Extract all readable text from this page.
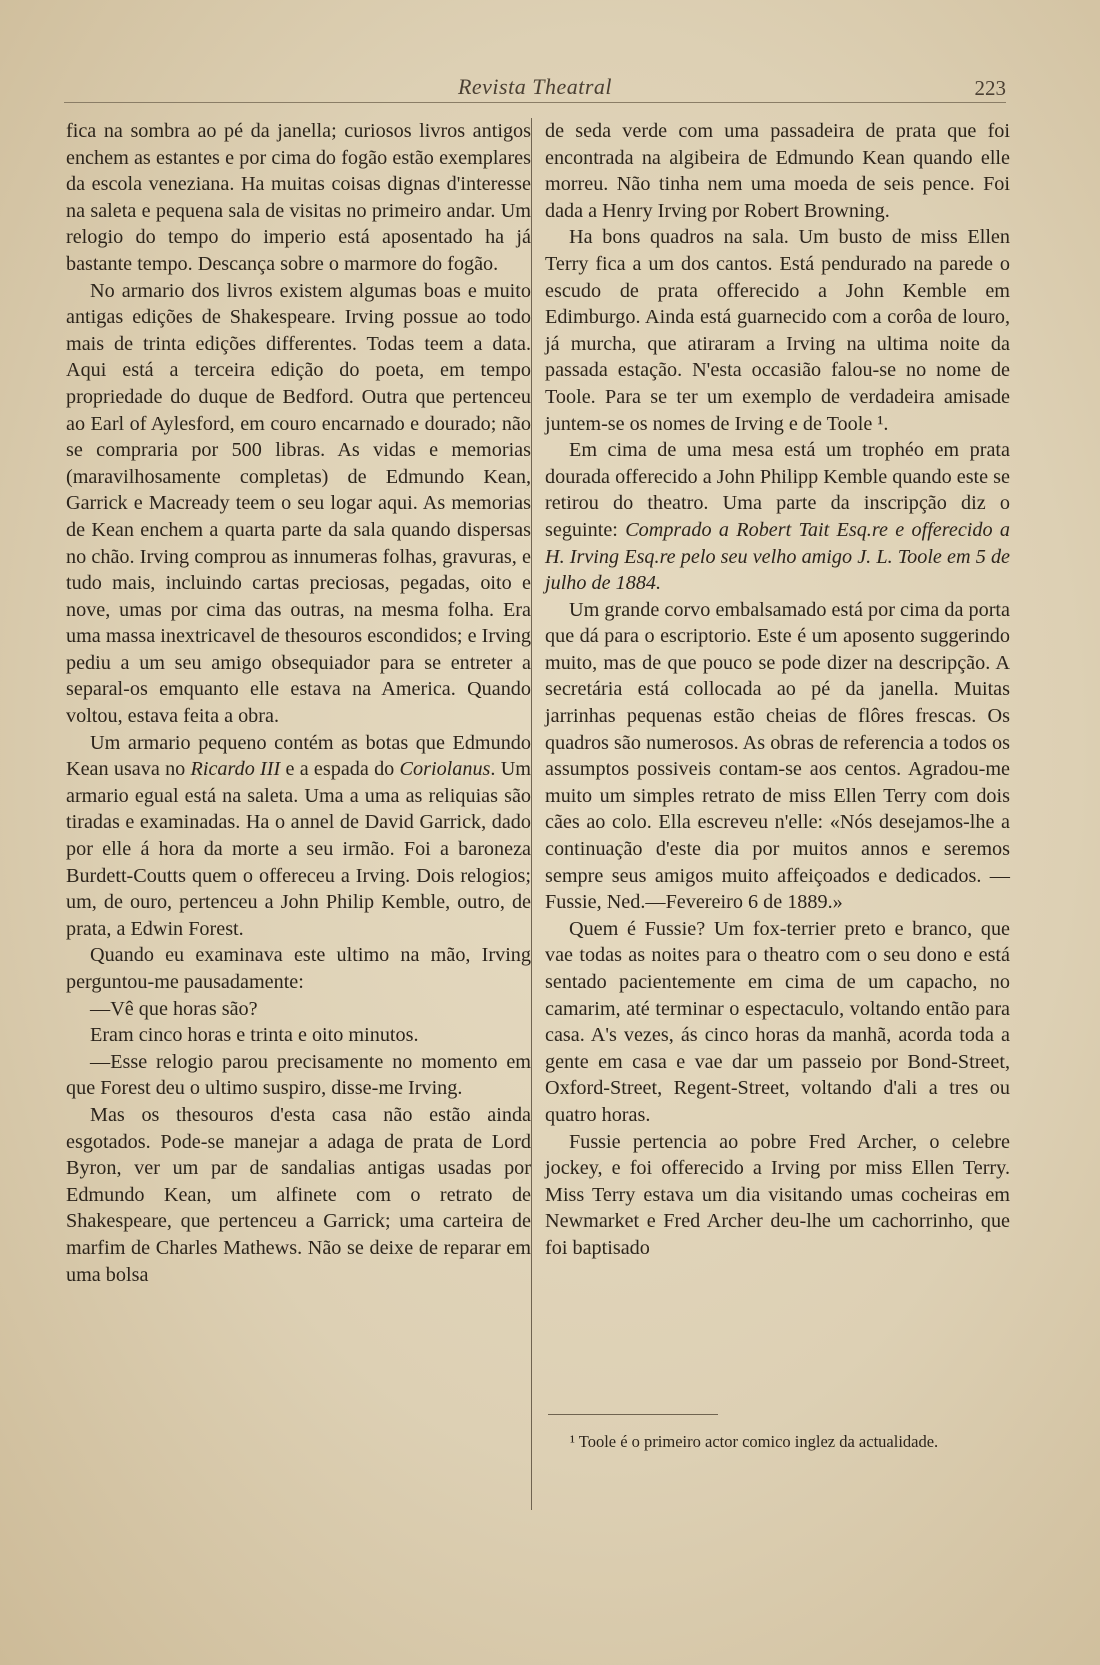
Revista Theatral	223

fica na sombra ao pé da janella; curiosos livros antigos enchem as estantes e por cima do fogão estão exemplares da escola veneziana. Ha muitas coisas dignas d'interesse na saleta e pequena sala de visitas no primeiro andar. Um relogio do tempo do imperio está aposentado ha já bastante tempo. Descança sobre o marmore do fogão.

No armario dos livros existem algumas boas e muito antigas edições de Shakespeare. Irving possue ao todo mais de trinta edições differentes. Todas teem a data. Aqui está a terceira edição do poeta, em tempo propriedade do duque de Bedford. Outra que pertenceu ao Earl of Aylesford, em couro encarnado e dourado; não se compraria por 500 libras. As vidas e memorias (maravilhosamente completas) de Edmundo Kean, Garrick e Macready teem o seu logar aqui. As memorias de Kean enchem a quarta parte da sala quando dispersas no chão. Irving comprou as innumeras folhas, gravuras, e tudo mais, incluindo cartas preciosas, pegadas, oito e nove, umas por cima das outras, na mesma folha. Era uma massa inextricavel de thesouros escondidos; e Irving pediu a um seu amigo obsequiador para se entreter a separal-os emquanto elle estava na America. Quando voltou, estava feita a obra.

Um armario pequeno contém as botas que Edmundo Kean usava no Ricardo III e a espada do Coriolanus. Um armario egual está na saleta. Uma a uma as reliquias são tiradas e examinadas. Ha o annel de David Garrick, dado por elle á hora da morte a seu irmão. Foi a baroneza Burdett-Coutts quem o offereceu a Irving. Dois relogios; um, de ouro, pertenceu a John Philip Kemble, outro, de prata, a Edwin Forest.

Quando eu examinava este ultimo na mão, Irving perguntou-me pausadamente:

—Vê que horas são?

Eram cinco horas e trinta e oito minutos.

—Esse relogio parou precisamente no momento em que Forest deu o ultimo suspiro, disse-me Irving.

Mas os thesouros d'esta casa não estão ainda esgotados. Pode-se manejar a adaga de prata de Lord Byron, ver um par de sandalias antigas usadas por Edmundo Kean, um alfinete com o retrato de Shakespeare, que pertenceu a Garrick; uma carteira de marfim de Charles Mathews. Não se deixe de reparar em uma bolsa

de seda verde com uma passadeira de prata que foi encontrada na algibeira de Edmundo Kean quando elle morreu. Não tinha nem uma moeda de seis pence. Foi dada a Henry Irving por Robert Browning.

Ha bons quadros na sala. Um busto de miss Ellen Terry fica a um dos cantos. Está pendurado na parede o escudo de prata offerecido a John Kemble em Edimburgo. Ainda está guarnecido com a corôa de louro, já murcha, que atiraram a Irving na ultima noite da passada estação. N'esta occasião falou-se no nome de Toole. Para se ter um exemplo de verdadeira amisade juntem-se os nomes de Irving e de Toole ¹.

Em cima de uma mesa está um trophéo em prata dourada offerecido a John Philipp Kemble quando este se retirou do theatro. Uma parte da inscripção diz o seguinte: Comprado a Robert Tait Esq.re e offerecido a H. Irving Esq.re pelo seu velho amigo J. L. Toole em 5 de julho de 1884.

Um grande corvo embalsamado está por cima da porta que dá para o escriptorio. Este é um aposento suggerindo muito, mas de que pouco se pode dizer na descripção. A secretária está collocada ao pé da janella. Muitas jarrinhas pequenas estão cheias de flôres frescas. Os quadros são numerosos. As obras de referencia a todos os assumptos possiveis contam-se aos centos. Agradou-me muito um simples retrato de miss Ellen Terry com dois cães ao colo. Ella escreveu n'elle: «Nós desejamos-lhe a continuação d'este dia por muitos annos e seremos sempre seus amigos muito affeiçoados e dedicados. —Fussie, Ned.—Fevereiro 6 de 1889.»

Quem é Fussie? Um fox-terrier preto e branco, que vae todas as noites para o theatro com o seu dono e está sentado pacientemente em cima de um capacho, no camarim, até terminar o espectaculo, voltando então para casa. A's vezes, ás cinco horas da manhã, acorda toda a gente em casa e vae dar um passeio por Bond-Street, Oxford-Street, Regent-Street, voltando d'ali a tres ou quatro horas.

Fussie pertencia ao pobre Fred Archer, o celebre jockey, e foi offerecido a Irving por miss Ellen Terry. Miss Terry estava um dia visitando umas cocheiras em Newmarket e Fred Archer deu-lhe um cachorrinho, que foi baptisado

¹ Toole é o primeiro actor comico inglez da actualidade.
